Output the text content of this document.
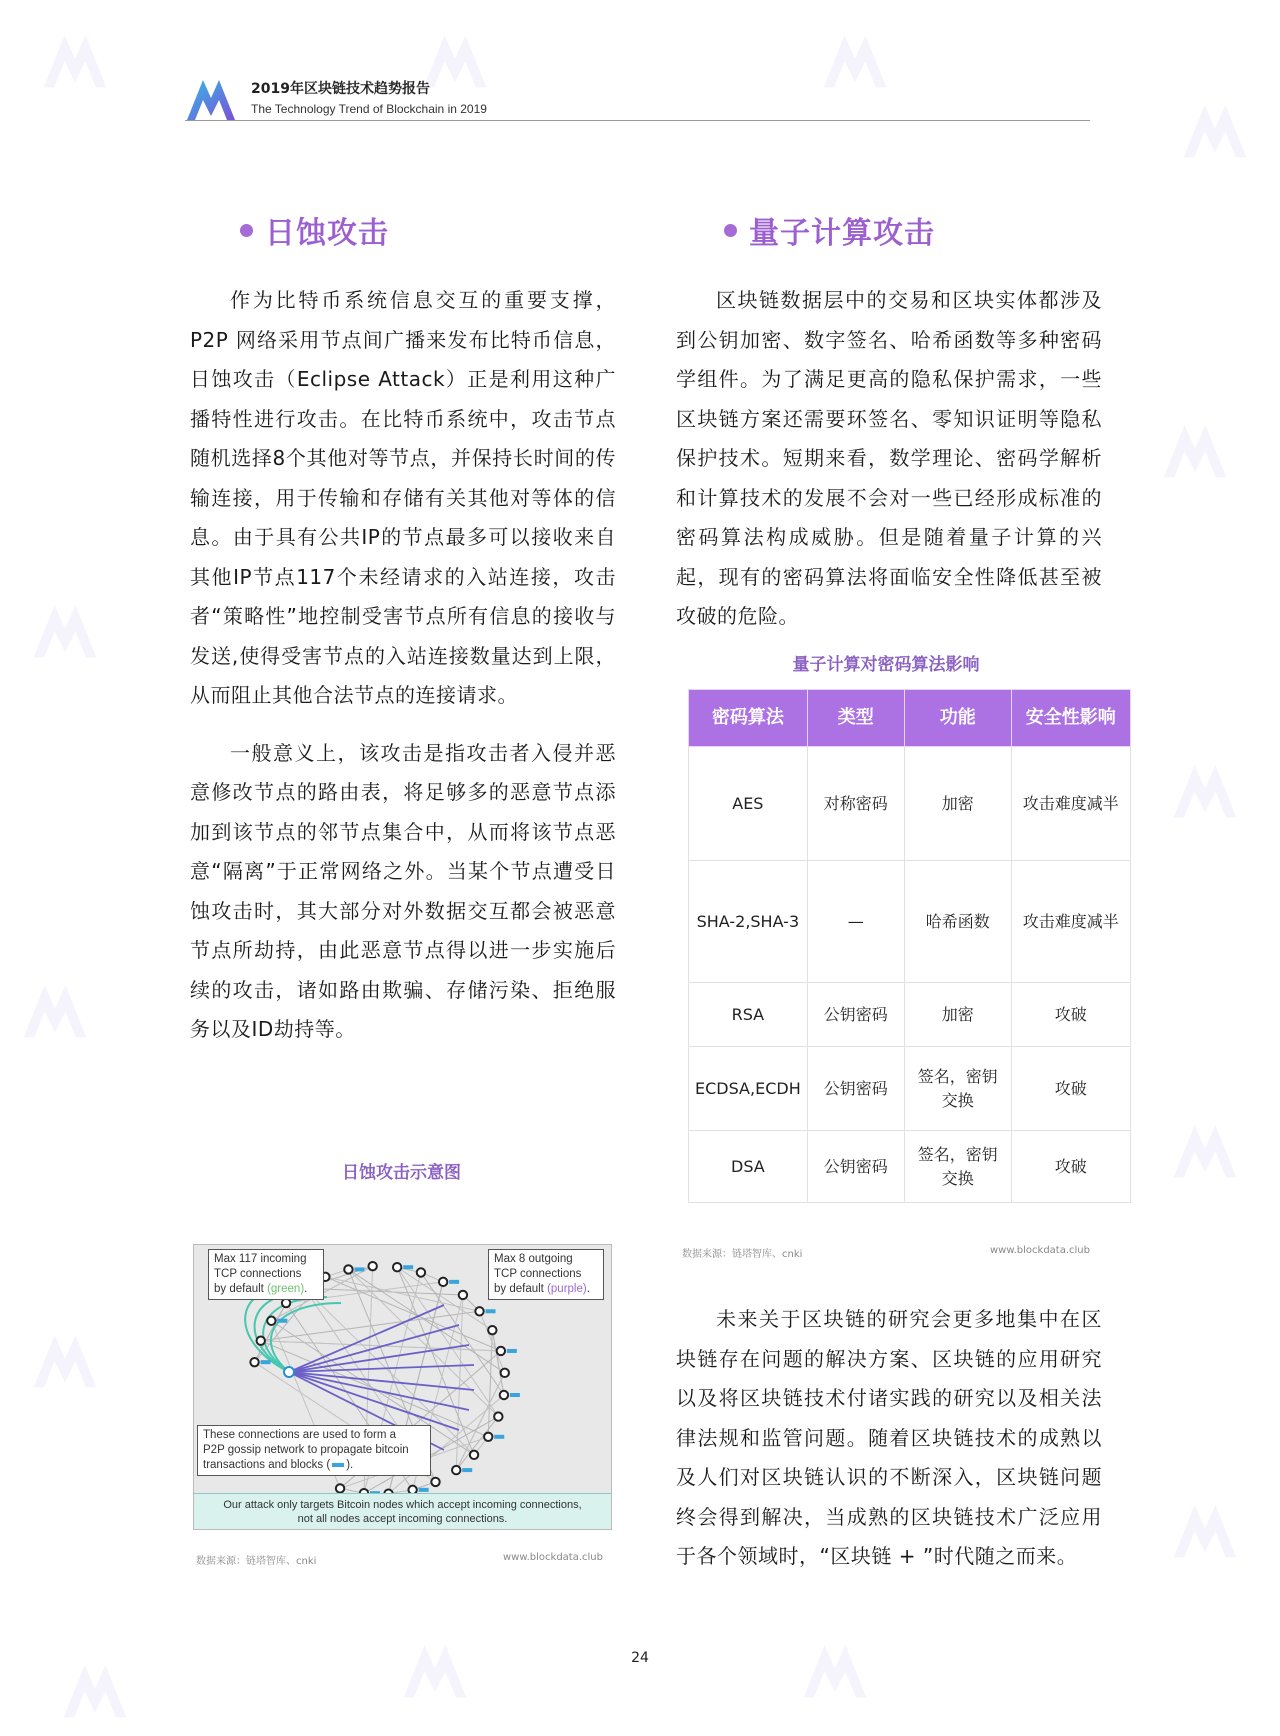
2019年区块链技术趋势报告
The Technology Trend of Blockchain in 2019
日蚀攻击

作为比特币系统信息交互的重要支撑，P2P 网络采用节点间广播来发布比特币信息，日蚀攻击（Eclipse Attack）正是利用这种广播特性进行攻击。在比特币系统中，攻击节点随机选择8个其他对等节点，并保持长时间的传输连接，用于传输和存储有关其他对等体的信息。由于具有公共IP的节点最多可以接收来自其他IP节点117个未经请求的入站连接，攻击者“策略性”地控制受害节点所有信息的接收与发送,使得受害节点的入站连接数量达到上限，从而阻止其他合法节点的连接请求。

一般意义上，该攻击是指攻击者入侵并恶意修改节点的路由表，将足够多的恶意节点添加到该节点的邻节点集合中，从而将该节点恶意“隔离”于正常网络之外。当某个节点遭受日蚀攻击时，其大部分对外数据交互都会被恶意节点所劫持，由此恶意节点得以进一步实施后续的攻击，诸如路由欺骗、存储污染、拒绝服务以及ID劫持等。

日蚀攻击示意图
Max 117 incoming
TCP connections
by default (green).
Max 8 outgoing
TCP connections
by default (purple).
These connections are used to form a
P2P gossip network to propagate bitcoin
transactions and blocks ( ).
Our attack only targets Bitcoin nodes which accept incoming connections,
not all nodes accept incoming connections.
数据来源：链塔智库、cnki	www.blockdata.club
量子计算攻击

区块链数据层中的交易和区块实体都涉及到公钥加密、数字签名、哈希函数等多种密码学组件。为了满足更高的隐私保护需求，一些区块链方案还需要环签名、零知识证明等隐私保护技术。短期来看，数学理论、密码学解析和计算技术的发展不会对一些已经形成标准的密码算法构成威胁。但是随着量子计算的兴起，现有的密码算法将面临安全性降低甚至被攻破的危险。

量子计算对密码算法影响
密码算法	类型	功能	安全性影响
AES	对称密码	加密	攻击难度减半
SHA-2,SHA-3	—	哈希函数	攻击难度减半
RSA	公钥密码	加密	攻破
ECDSA,ECDH	公钥密码	签名，密钥交换	攻破
DSA	公钥密码	签名，密钥交换	攻破
数据来源：链塔智库、cnki	www.blockdata.club

未来关于区块链的研究会更多地集中在区块链存在问题的解决方案、区块链的应用研究以及将区块链技术付诸实践的研究以及相关法律法规和监管问题。随着区块链技术的成熟以及人们对区块链认识的不断深入，区块链问题终会得到解决，当成熟的区块链技术广泛应用于各个领域时，“区块链 + ”时代随之而来。

24
